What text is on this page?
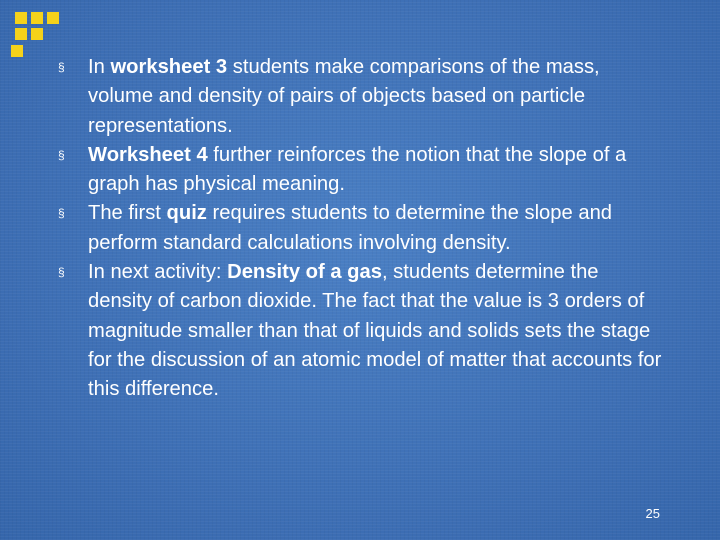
§	In worksheet 3 students make comparisons of the mass, volume and density of pairs of objects based on particle representations.

§	Worksheet 4 further reinforces the notion that the slope of a graph has physical meaning.

§	The first quiz requires students to determine the slope and perform standard calculations involving density.

§	In next activity: Density of a gas, students determine the density of carbon dioxide. The fact that the value is 3 orders of magnitude smaller than that of liquids and solids sets the stage for the discussion of an atomic model of matter that accounts for this difference.

25
